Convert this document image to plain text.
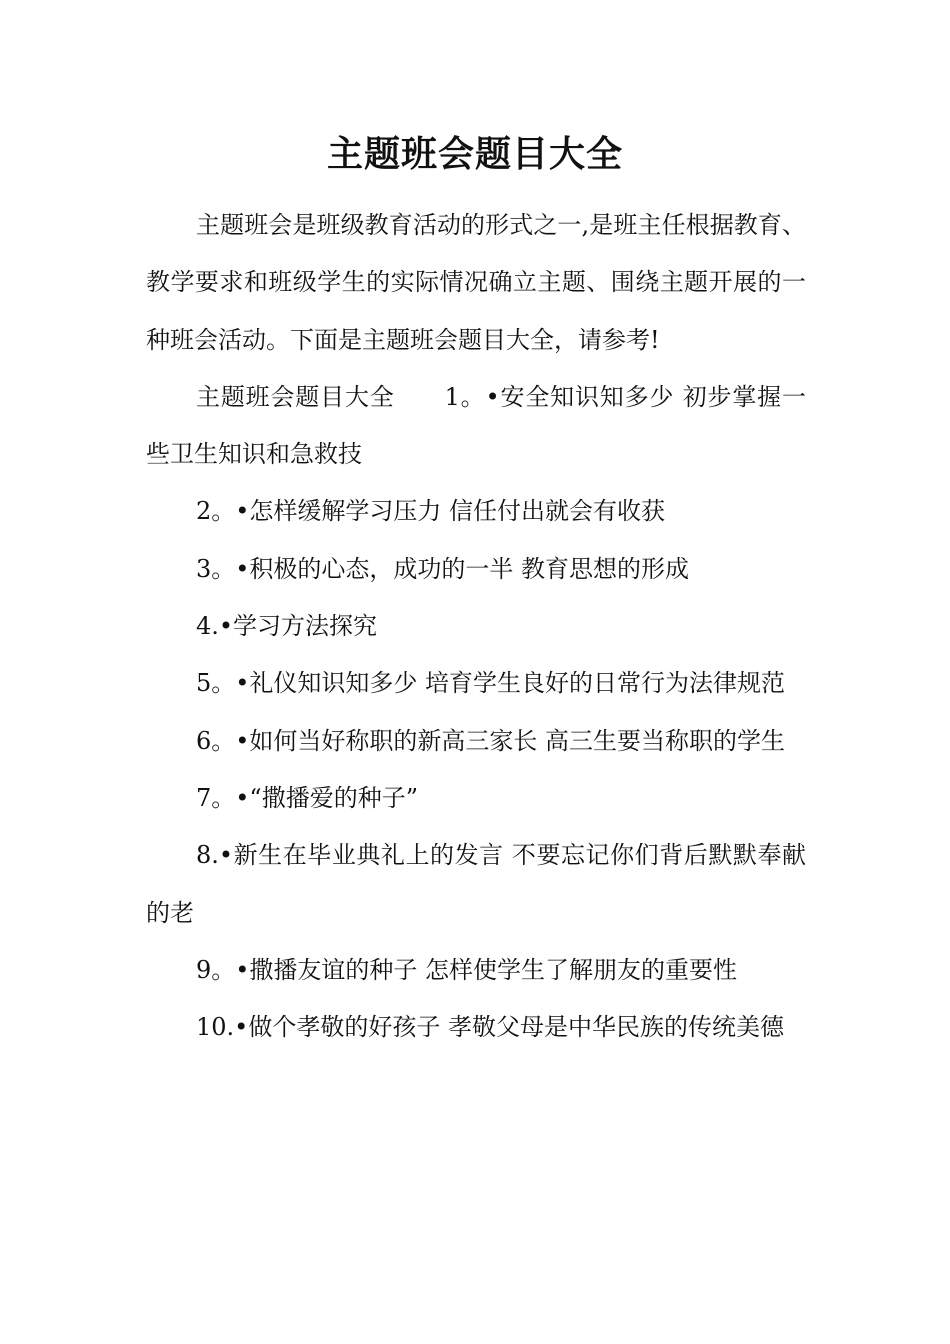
主题班会题目大全

主题班会是班级教育活动的形式之一,是班主任根据教育、教学要求和班级学生的实际情况确立主题、围绕主题开展的一种班会活动。下面是主题班会题目大全，请参考!

主题班会题目大全 1。•安全知识知多少 初步掌握一些卫生知识和急救技

2。•怎样缓解学习压力 信任付出就会有收获

3。•积极的心态，成功的一半 教育思想的形成

4.•学习方法探究

5。•礼仪知识知多少 培育学生良好的日常行为法律规范

6。•如何当好称职的新高三家长 高三生要当称职的学生

7。•“撒播爱的种子”

8.•新生在毕业典礼上的发言 不要忘记你们背后默默奉献的老

9。•撒播友谊的种子 怎样使学生了解朋友的重要性

10.•做个孝敬的好孩子 孝敬父母是中华民族的传统美德
